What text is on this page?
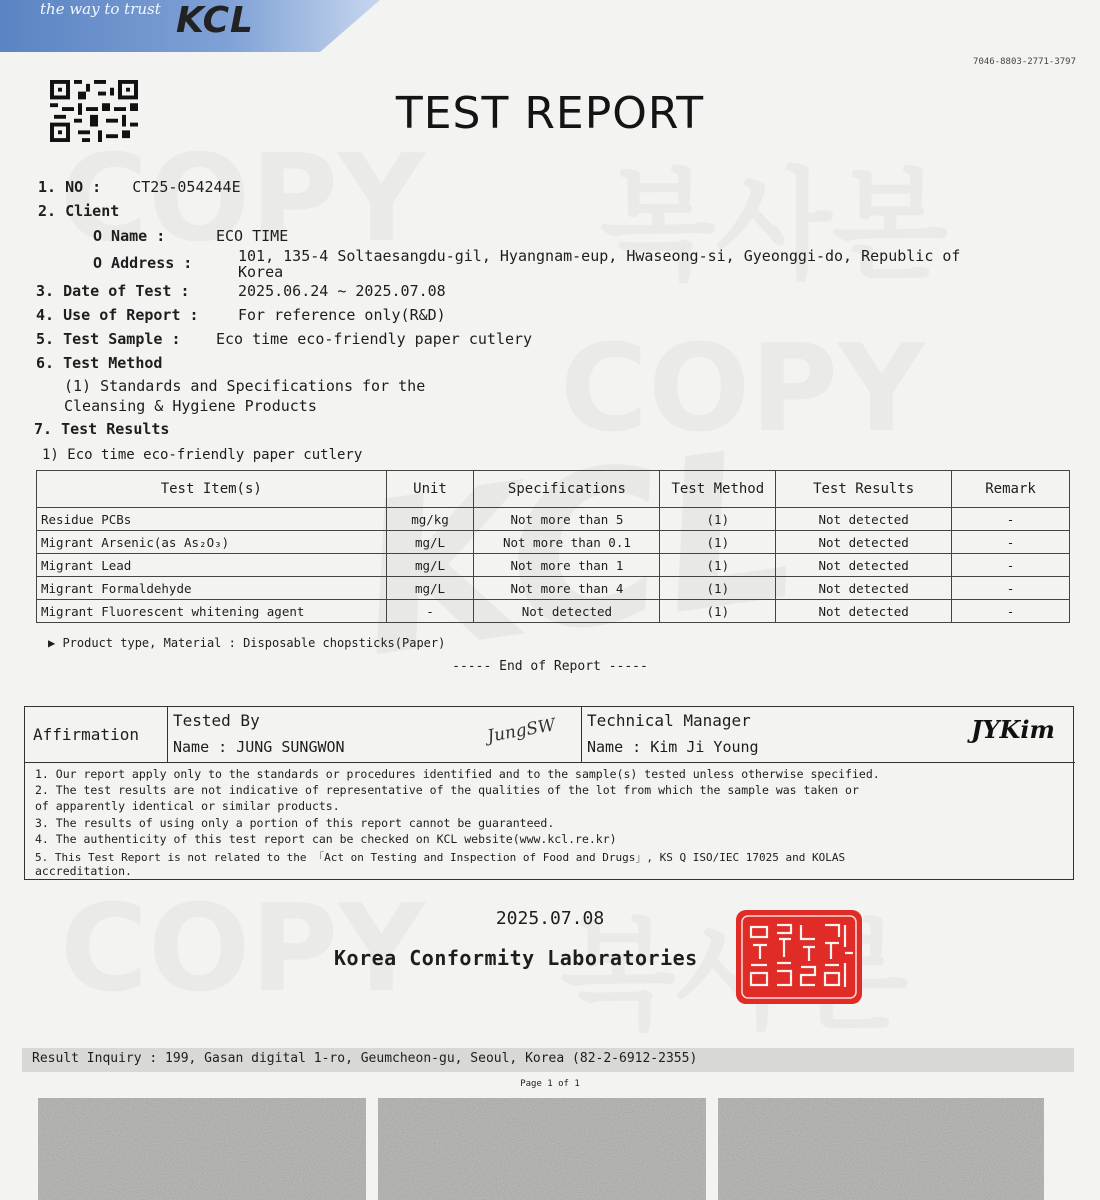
the way to trust KCL
7046-8803-2771-3797
TEST REPORT
1. NO : CT25-054244E
2. Client
O Name :	ECO TIME
O Address :	101, 135-4 Soltaesangdu-gil, Hyangnam-eup, Hwaseong-si, Gyeonggi-do, Republic of
Korea
3. Date of Test :	2025.06.24 ~ 2025.07.08
4. Use of Report :	For reference only(R&D)
5. Test Sample : Eco time eco-friendly paper cutlery
6. Test Method
(1) Standards and Specifications for the
Cleansing & Hygiene Products
7. Test Results
1) Eco time eco-friendly paper cutlery
Test Item(s)	Unit	Specifications	Test Method	Test Results	Remark
Residue PCBs	mg/kg	Not more than 5	(1)	Not detected	-
Migrant Arsenic(as As₂O₃)	mg/L	Not more than 0.1	(1)	Not detected	-
Migrant Lead	mg/L	Not more than 1	(1)	Not detected	-
Migrant Formaldehyde	mg/L	Not more than 4	(1)	Not detected	-
Migrant Fluorescent whitening agent	-	Not detected	(1)	Not detected	-
▶ Product type, Material : Disposable chopsticks(Paper)
----- End of Report -----
Affirmation
Tested By
Name : JUNG SUNGWON
JungSW Technical Manager
Name : Kim Ji Young
JYKim
1. Our report apply only to the standards or procedures identified and to the sample(s) tested unless otherwise specified.
2. The test results are not indicative of representative of the qualities of the lot from which the sample was taken or
of apparently identical or similar products.
3. The results of using only a portion of this report cannot be guaranteed.
4. The authenticity of this test report can be checked on KCL website(www.kcl.re.kr)
5. This Test Report is not related to the 「Act on Testing and Inspection of Food and Drugs」, KS Q ISO/IEC 17025 and KOLAS
accreditation.
2025.07.08
Korea Conformity Laboratories
Result Inquiry : 199, Gasan digital 1-ro, Geumcheon-gu, Seoul, Korea (82-2-6912-2355)
Page 1 of 1
